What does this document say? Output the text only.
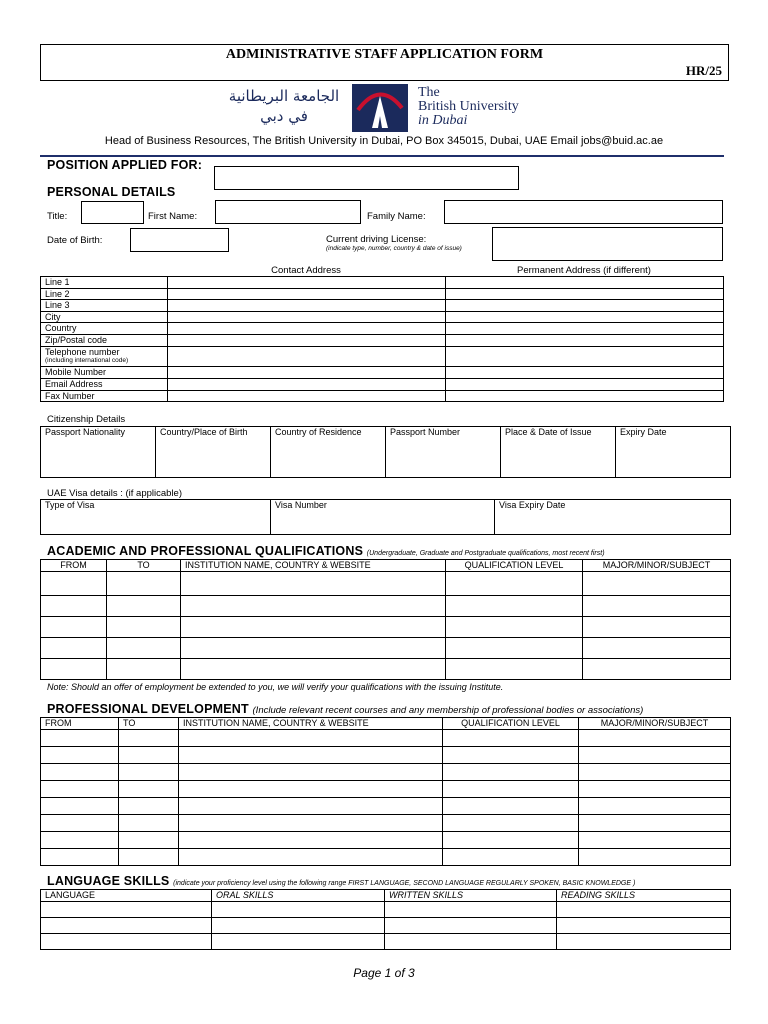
ADMINISTRATIVE STAFF APPLICATION FORM
HR/25
الجامعة البريطانية في دبي
The
British University
in Dubai
Head of Business Resources, The British University in Dubai, PO Box 345015, Dubai, UAE Email jobs@buid.ac.ae
POSITION APPLIED FOR:
PERSONAL DETAILS
Title:	First Name:	Family Name:
Date of Birth:	Current driving License:
(indicate type, number, country & date of issue)
Contact Address	Permanent Address (if different)
Line 1		
Line 2		
Line 3		
City		
Country		
Zip/Postal code		
Telephone number
(including international code)		

Mobile Number		
Email Address		
Fax Number		
Citizenship Details
Passport Nationality	Country/Place of Birth	Country of Residence	Passport Number	Place & Date of Issue	Expiry Date
UAE Visa details : (if applicable)
Type of Visa	Visa Number	Visa Expiry Date
ACADEMIC AND PROFESSIONAL QUALIFICATIONS (Undergraduate, Graduate and Postgraduate qualifications, most recent first)
FROM	TO	INSTITUTION NAME, COUNTRY & WEBSITE	QUALIFICATION LEVEL	MAJOR/MINOR/SUBJECT

Note: Should an offer of employment be extended to you, we will verify your qualifications with the issuing Institute.
PROFESSIONAL DEVELOPMENT (Include relevant recent courses and any membership of professional bodies or associations)
FROM	TO	INSTITUTION NAME, COUNTRY & WEBSITE	QUALIFICATION LEVEL	MAJOR/MINOR/SUBJECT

LANGUAGE SKILLS (indicate your proficiency level using the following range FIRST LANGUAGE, SECOND LANGUAGE REGULARLY SPOKEN, BASIC KNOWLEDGE )
LANGUAGE	ORAL SKILLS	WRITTEN SKILLS	READING SKILLS

Page 1 of 3
